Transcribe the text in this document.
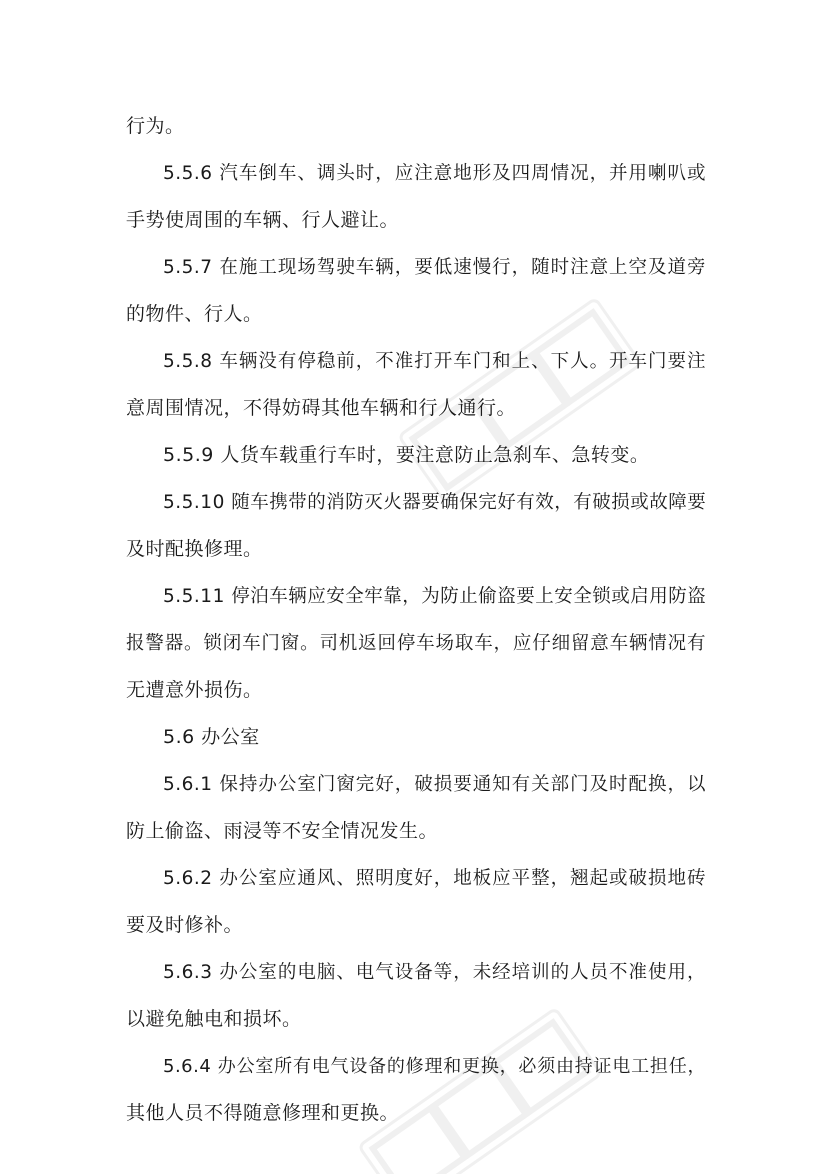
行为。
5.5.6 汽车倒车、调头时，应注意地形及四周情况，并用喇叭或
手势使周围的车辆、行人避让。
5.5.7 在施工现场驾驶车辆，要低速慢行，随时注意上空及道旁
的物件、行人。
5.5.8 车辆没有停稳前，不准打开车门和上、下人。开车门要注
意周围情况，不得妨碍其他车辆和行人通行。
5.5.9 人货车载重行车时，要注意防止急刹车、急转变。
5.5.10 随车携带的消防灭火器要确保完好有效，有破损或故障要
及时配换修理。
5.5.11 停泊车辆应安全牢靠，为防止偷盗要上安全锁或启用防盗
报警器。锁闭车门窗。司机返回停车场取车，应仔细留意车辆情况有
无遭意外损伤。
5.6 办公室
5.6.1 保持办公室门窗完好，破损要通知有关部门及时配换，以
防上偷盗、雨浸等不安全情况发生。
5.6.2 办公室应通风、照明度好，地板应平整，翘起或破损地砖
要及时修补。
5.6.3 办公室的电脑、电气设备等，未经培训的人员不准使用，
以避免触电和损坏。
5.6.4 办公室所有电气设备的修理和更换，必须由持证电工担任，
其他人员不得随意修理和更换。
